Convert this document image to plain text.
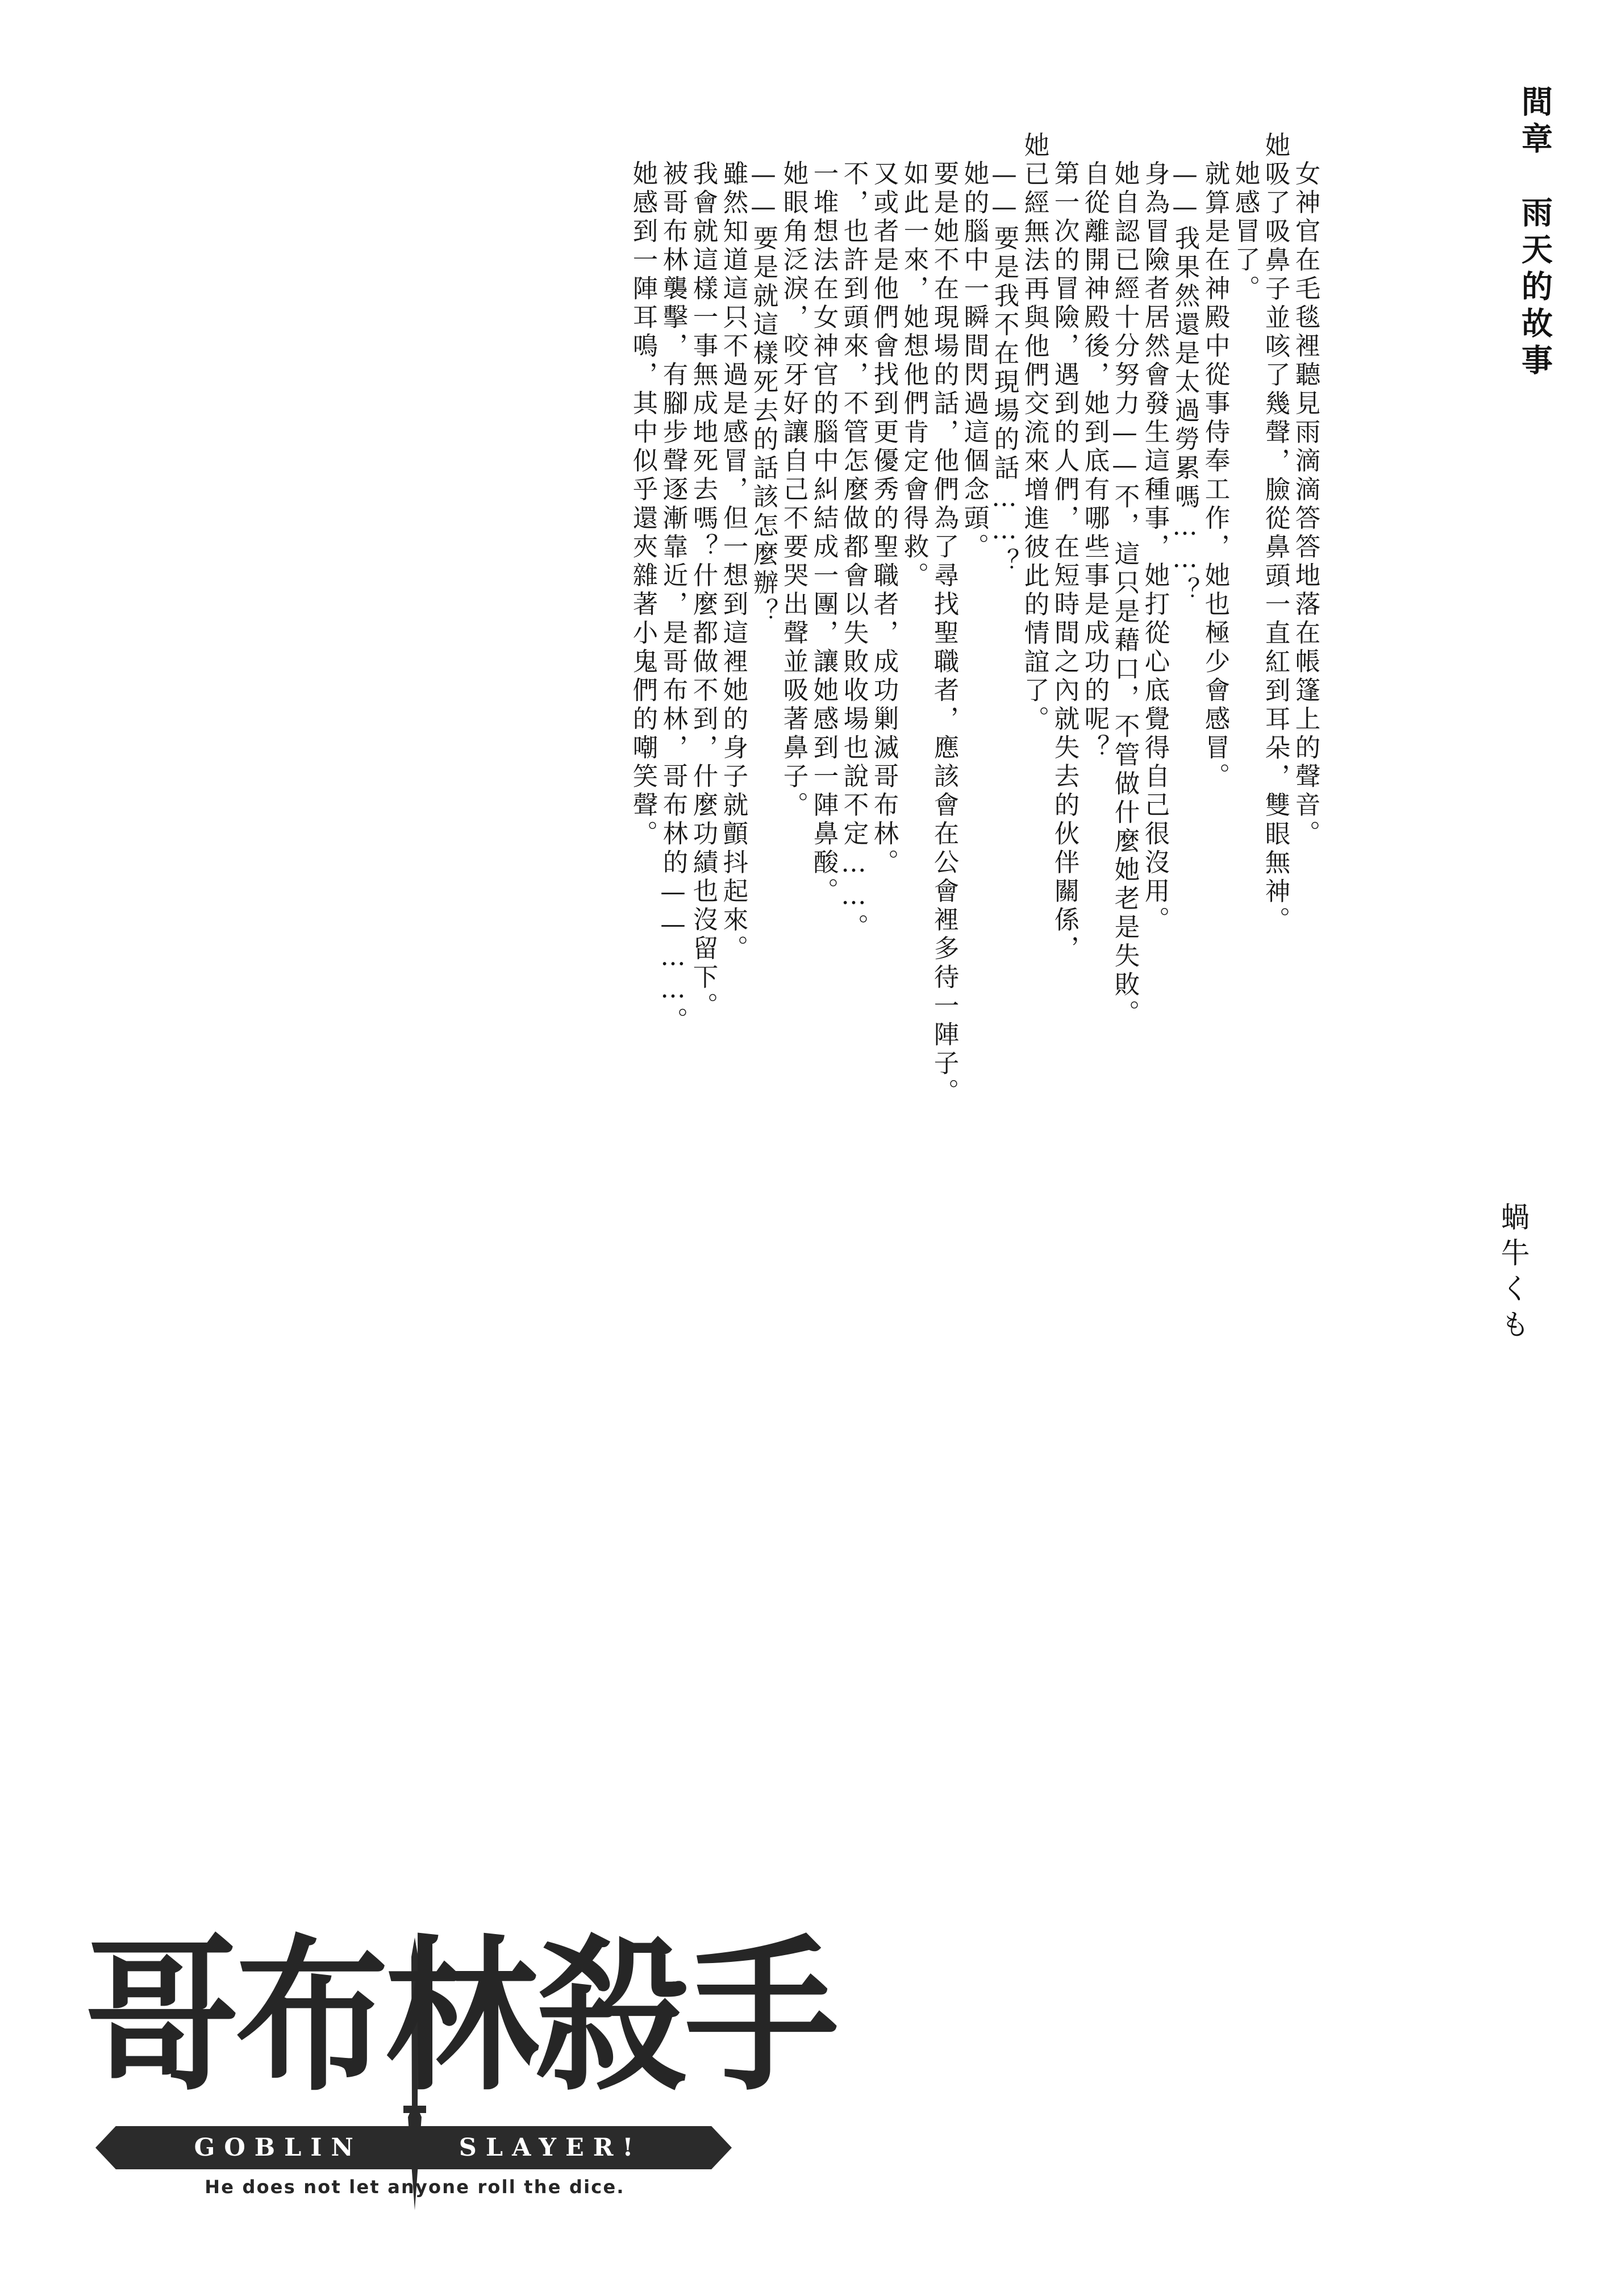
間章　雨天的故事
蝸牛くも
女神官在毛毯裡聽見雨滴滴答答地落在帳篷上的聲音。
她吸了吸鼻子並咳了幾聲，臉從鼻頭一直紅到耳朵，雙眼無神。
她感冒了。
就算是在神殿中從事侍奉工作，她也極少會感冒。
——我果然還是太過勞累嗎……？
身為冒險者居然會發生這種事，她打從心底覺得自己很沒用。
她自認已經十分努力——不，這只是藉口，不管做什麼她老是失敗。
自從離開神殿後，她到底有哪些事是成功的呢？
第一次的冒險，遇到的人們，在短時間之內就失去的伙伴關係，
她已經無法再與他們交流來增進彼此的情誼了。
——要是我不在現場的話……？
她的腦中一瞬間閃過這個念頭。
要是她不在現場的話，他們為了尋找聖職者，應該會在公會裡多待一陣子。
如此一來，她想他們肯定會得救。
又或者是他們會找到更優秀的聖職者，成功剿滅哥布林。
不，也許到頭來，不管怎麼做都會以失敗收場也說不定……。
一堆想法在女神官的腦中糾結成一團，讓她感到一陣鼻酸。
她眼角泛淚，咬牙好讓自己不要哭出聲並吸著鼻子。
——要是就這樣死去的話該怎麼辦？
雖然知道這只不過是感冒，但一想到這裡她的身子就顫抖起來。
我會就這樣一事無成地死去嗎？什麼都做不到，什麼功績也沒留下。
被哥布林襲擊，有腳步聲逐漸靠近，是哥布林，哥布林的——……。
她感到一陣耳鳴，其中似乎還夾雜著小鬼們的嘲笑聲。
哥布林殺手
GOBLIN	SLAYER!
He does not let anyone roll the dice.
